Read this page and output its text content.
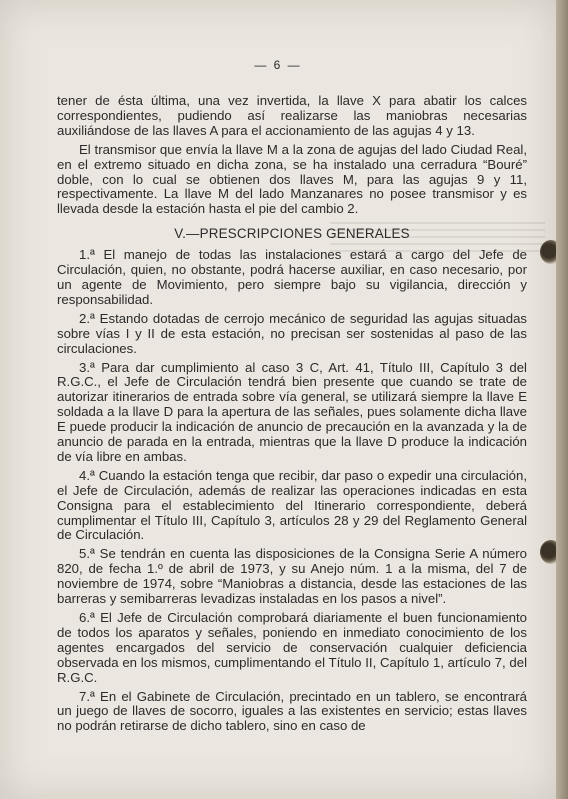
— 6 —

tener de ésta última, una vez invertida, la llave X para abatir los calces correspondientes, pudiendo así realizarse las maniobras necesarias auxiliándose de las llaves A para el accionamiento de las agujas 4 y 13.

El transmisor que envía la llave M a la zona de agujas del lado Ciudad Real, en el extremo situado en dicha zona, se ha instalado una cerradura “Bouré” doble, con lo cual se obtienen dos llaves M, para las agujas 9 y 11, respectivamente. La llave M del lado Manzanares no posee transmisor y es llevada desde la estación hasta el pie del cambio 2.

V.—PRESCRIPCIONES GENERALES

1.ª El manejo de todas las instalaciones estará a cargo del Jefe de Circulación, quien, no obstante, podrá hacerse auxiliar, en caso necesario, por un agente de Movimiento, pero siempre bajo su vigilancia, dirección y responsabilidad.

2.ª Estando dotadas de cerrojo mecánico de seguridad las agujas situadas sobre vías I y II de esta estación, no precisan ser sostenidas al paso de las circulaciones.

3.ª Para dar cumplimiento al caso 3 C, Art. 41, Título III, Capítulo 3 del R.G.C., el Jefe de Circulación tendrá bien presente que cuando se trate de autorizar itinerarios de entrada sobre vía general, se utilizará siempre la llave E soldada a la llave D para la apertura de las señales, pues solamente dicha llave E puede producir la indicación de anuncio de precaución en la avanzada y la de anuncio de parada en la entrada, mientras que la llave D produce la indicación de vía libre en ambas.

4.ª Cuando la estación tenga que recibir, dar paso o expedir una circulación, el Jefe de Circulación, además de realizar las operaciones indicadas en esta Consigna para el establecimiento del Itinerario correspondiente, deberá cumplimentar el Título III, Capítulo 3, artículos 28 y 29 del Reglamento General de Circulación.

5.ª Se tendrán en cuenta las disposiciones de la Consigna Serie A número 820, de fecha 1.º de abril de 1973, y su Anejo núm. 1 a la misma, del 7 de noviembre de 1974, sobre “Maniobras a distancia, desde las estaciones de las barreras y semibarreras levadizas instaladas en los pasos a nivel”.

6.ª El Jefe de Circulación comprobará diariamente el buen funcionamiento de todos los aparatos y señales, poniendo en inmediato conocimiento de los agentes encargados del servicio de conservación cualquier deficiencia observada en los mismos, cumplimentando el Título II, Capítulo 1, artículo 7, del R.G.C.

7.ª En el Gabinete de Circulación, precintado en un tablero, se encontrará un juego de llaves de socorro, iguales a las existentes en servicio; estas llaves no podrán retirarse de dicho tablero, sino en caso de
